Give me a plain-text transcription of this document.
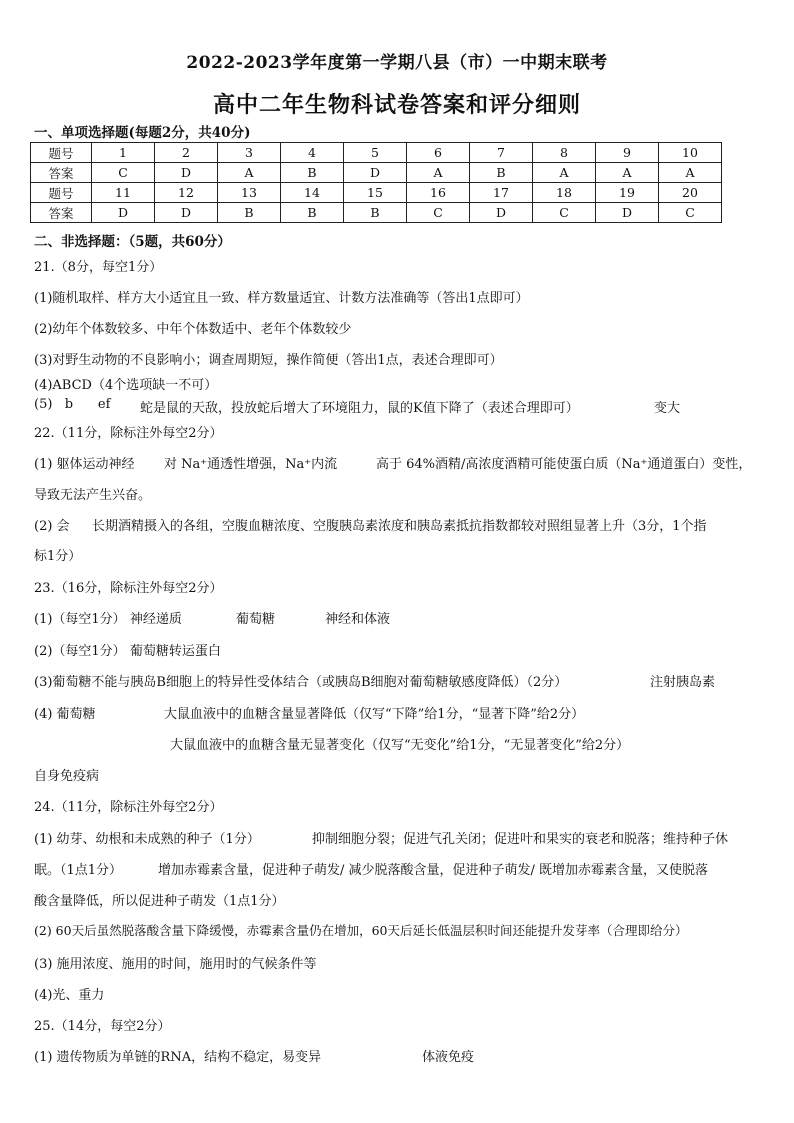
2022-2023学年度第一学期八县（市）一中期末联考
高中二年生物科试卷答案和评分细则
一、单项选择题(每题2分，共40分)
题号	1	2	3	4	5	6	7	8	9	10
答案	C	D	A	B	D	A	B	A	A	A
题号	11	12	13	14	15	16	17	18	19	20
答案	D	D	B	B	B	C	D	C	D	C
二、非选择题：（5题，共60分）
21.（8分，每空1分）
(1)随机取样、样方大小适宜且一致、样方数量适宜、计数方法准确等（答出1点即可）
(2)幼年个体数较多、中年个体数适中、老年个体数较少
(3)对野生动物的不良影响小；调查周期短，操作简便（答出1点，表述合理即可）
(4)ABCD（4个选项缺一不可）
(5)   b      ef 蛇是鼠的天敌，投放蛇后增大了环境阻力，鼠的K值下降了（表述合理即可）	变大
22.（11分，除标注外每空2分）
(1) 躯体运动神经 对 Na⁺通透性增强，Na⁺内流	高于 64%酒精/高浓度酒精可能使蛋白质（Na⁺通道蛋白）变性，
导致无法产生兴奋。
(2) 会 长期酒精摄入的各组，空腹血糖浓度、空腹胰岛素浓度和胰岛素抵抗指数都较对照组显著上升（3分，1个指
标1分）
23.（16分，除标注外每空2分）
(1)（每空1分） 神经递质	葡萄糖	神经和体液
(2)（每空1分） 葡萄糖转运蛋白
(3)葡萄糖不能与胰岛B细胞上的特异性受体结合（或胰岛B细胞对葡萄糖敏感度降低）（2分）	注射胰岛素
(4) 葡萄糖	大鼠血液中的血糖含量显著降低（仅写“下降”给1分，“显著下降”给2分）
大鼠血液中的血糖含量无显著变化（仅写“无变化”给1分，“无显著变化”给2分）
自身免疫病
24.（11分，除标注外每空2分）
(1) 幼芽、幼根和未成熟的种子（1分）	抑制细胞分裂；促进气孔关闭；促进叶和果实的衰老和脱落；维持种子休
眠。（1点1分）	增加赤霉素含量，促进种子萌发/ 减少脱落酸含量，促进种子萌发/ 既增加赤霉素含量，又使脱落
酸含量降低，所以促进种子萌发（1点1分）
(2) 60天后虽然脱落酸含量下降缓慢，赤霉素含量仍在增加，60天后延长低温层积时间还能提升发芽率（合理即给分）
(3) 施用浓度、施用的时间，施用时的气候条件等
(4)光、重力
25.（14分，每空2分）
(1) 遗传物质为单链的RNA，结构不稳定，易变异	体液免疫
